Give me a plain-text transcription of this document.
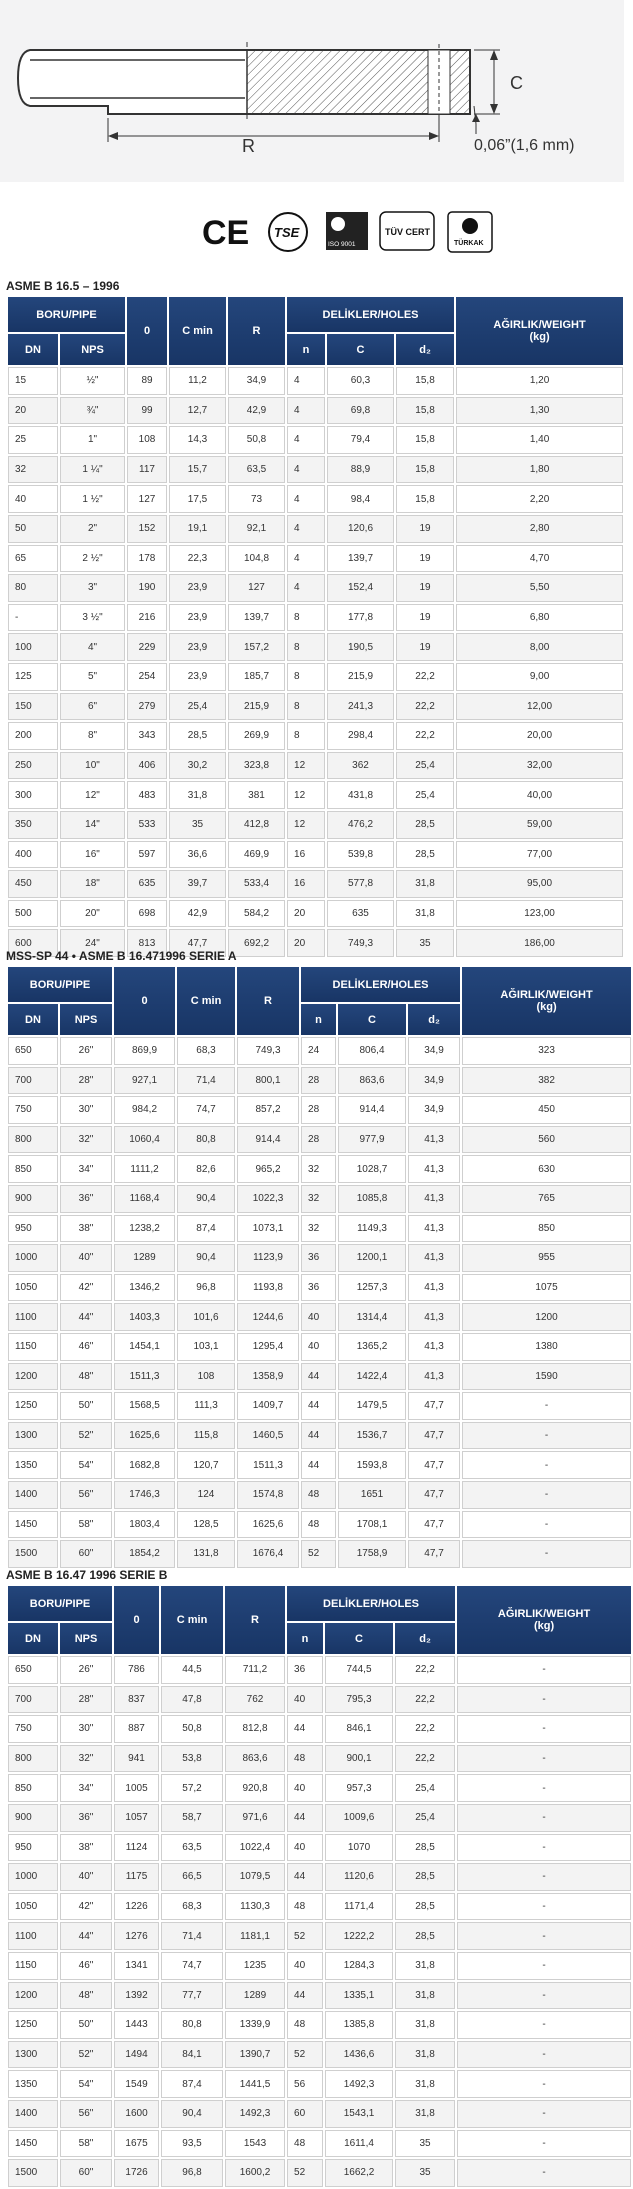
R
C
0,06”(1,6 mm)
CE TSE
ISO 9001
TÜV CERT
TÜRKAK
ASME B 16.5 – 1996
BORU/PIPE		0	C min	R	DELİKLER/HOLES			AĞIRLIK/WEIGHT
(kg)
DN	NPS				n	C	d₂	
15	½"	89	11,2	34,9	4	60,3	15,8	1,20
20	¾"	99	12,7	42,9	4	69,8	15,8	1,30
25	1"	108	14,3	50,8	4	79,4	15,8	1,40
32	1 ¼"	117	15,7	63,5	4	88,9	15,8	1,80
40	1 ½"	127	17,5	73	4	98,4	15,8	2,20
50	2"	152	19,1	92,1	4	120,6	19	2,80
65	2 ½"	178	22,3	104,8	4	139,7	19	4,70
80	3"	190	23,9	127	4	152,4	19	5,50
-	3 ½"	216	23,9	139,7	8	177,8	19	6,80
100	4"	229	23,9	157,2	8	190,5	19	8,00
125	5"	254	23,9	185,7	8	215,9	22,2	9,00
150	6"	279	25,4	215,9	8	241,3	22,2	12,00
200	8"	343	28,5	269,9	8	298,4	22,2	20,00
250	10"	406	30,2	323,8	12	362	25,4	32,00
300	12"	483	31,8	381	12	431,8	25,4	40,00
350	14"	533	35	412,8	12	476,2	28,5	59,00
400	16"	597	36,6	469,9	16	539,8	28,5	77,00
450	18"	635	39,7	533,4	16	577,8	31,8	95,00
500	20"	698	42,9	584,2	20	635	31,8	123,00
600	24"	813	47,7	692,2	20	749,3	35	186,00
MSS-SP 44 • ASME B 16.471996 SERIE A
BORU/PIPE		0	C min	R	DELİKLER/HOLES			AĞIRLIK/WEIGHT
(kg)
DN	NPS				n	C	d₂	
650	26"	869,9	68,3	749,3	24	806,4	34,9	323
700	28"	927,1	71,4	800,1	28	863,6	34,9	382
750	30"	984,2	74,7	857,2	28	914,4	34,9	450
800	32"	1060,4	80,8	914,4	28	977,9	41,3	560
850	34"	1111,2	82,6	965,2	32	1028,7	41,3	630
900	36"	1168,4	90,4	1022,3	32	1085,8	41,3	765
950	38"	1238,2	87,4	1073,1	32	1149,3	41,3	850
1000	40"	1289	90,4	1123,9	36	1200,1	41,3	955
1050	42"	1346,2	96,8	1193,8	36	1257,3	41,3	1075
1100	44"	1403,3	101,6	1244,6	40	1314,4	41,3	1200
1150	46"	1454,1	103,1	1295,4	40	1365,2	41,3	1380
1200	48"	1511,3	108	1358,9	44	1422,4	41,3	1590
1250	50"	1568,5	111,3	1409,7	44	1479,5	47,7	-
1300	52"	1625,6	115,8	1460,5	44	1536,7	47,7	-
1350	54"	1682,8	120,7	1511,3	44	1593,8	47,7	-
1400	56"	1746,3	124	1574,8	48	1651	47,7	-
1450	58"	1803,4	128,5	1625,6	48	1708,1	47,7	-
1500	60"	1854,2	131,8	1676,4	52	1758,9	47,7	-
ASME B 16.47 1996 SERIE B
BORU/PIPE		0	C min	R	DELİKLER/HOLES			AĞIRLIK/WEIGHT
(kg)
DN	NPS				n	C	d₂	
650	26"	786	44,5	711,2	36	744,5	22,2	-
700	28"	837	47,8	762	40	795,3	22,2	-
750	30"	887	50,8	812,8	44	846,1	22,2	-
800	32"	941	53,8	863,6	48	900,1	22,2	-
850	34"	1005	57,2	920,8	40	957,3	25,4	-
900	36"	1057	58,7	971,6	44	1009,6	25,4	-
950	38"	1124	63,5	1022,4	40	1070	28,5	-
1000	40"	1175	66,5	1079,5	44	1120,6	28,5	-
1050	42"	1226	68,3	1130,3	48	1171,4	28,5	-
1100	44"	1276	71,4	1181,1	52	1222,2	28,5	-
1150	46"	1341	74,7	1235	40	1284,3	31,8	-
1200	48"	1392	77,7	1289	44	1335,1	31,8	-
1250	50"	1443	80,8	1339,9	48	1385,8	31,8	-
1300	52"	1494	84,1	1390,7	52	1436,6	31,8	-
1350	54"	1549	87,4	1441,5	56	1492,3	31,8	-
1400	56"	1600	90,4	1492,3	60	1543,1	31,8	-
1450	58"	1675	93,5	1543	48	1611,4	35	-
1500	60"	1726	96,8	1600,2	52	1662,2	35	-
